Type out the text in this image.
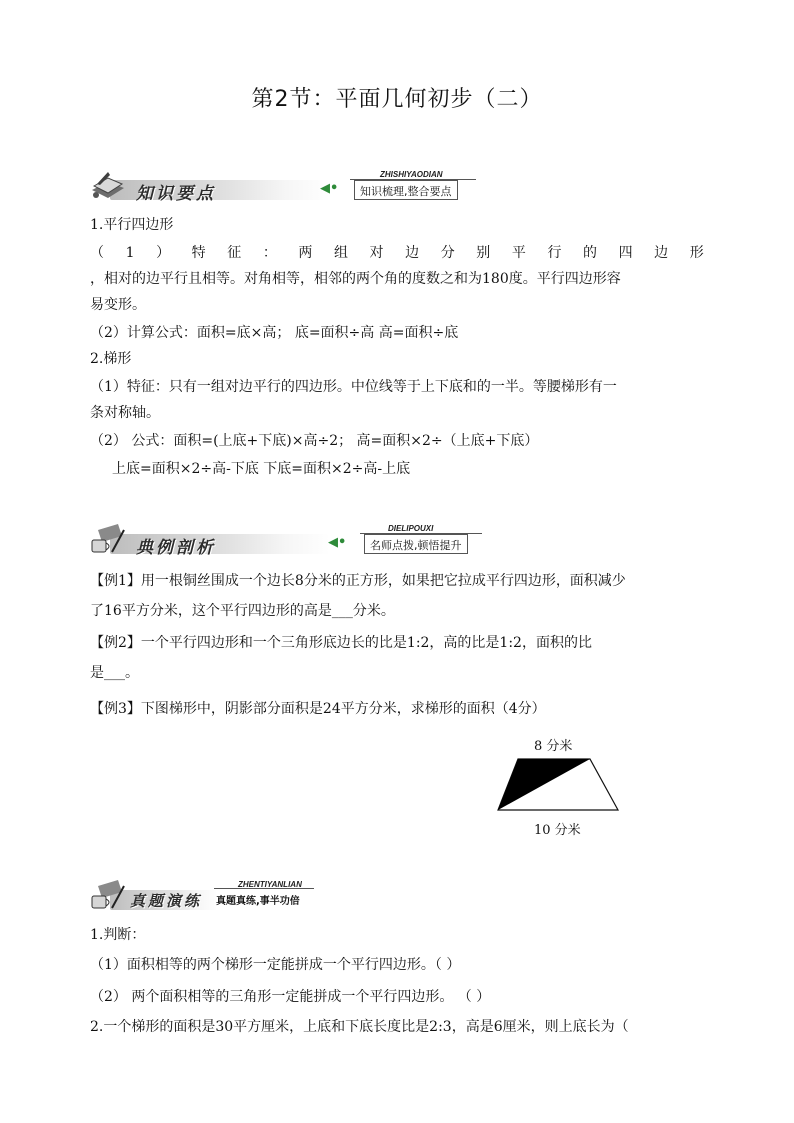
第2节：平面几何初步（二）
知识要点	◀•
ZHISHIYAODIAN
知识梳理,整合要点
1.平行四边形
（ 1 ） 特 征 ： 两 组 对 边 分 别 平 行 的 四 边 形
，相对的边平行且相等。对角相等，相邻的两个角的度数之和为180度。平行四边形容
易变形。
（2）计算公式：面积=底×高； 底=面积÷高 高=面积÷底
2.梯形
（1）特征：只有一组对边平行的四边形。中位线等于上下底和的一半。等腰梯形有一
条对称轴。
（2） 公式：面积=(上底+下底)×高÷2； 高=面积×2÷（上底+下底）
上底=面积×2÷高-下底 下底=面积×2÷高-上底
典例剖析	◀•
DIELIPOUXI
名师点拨,顿悟提升
【例1】用一根铜丝围成一个边长8分米的正方形，如果把它拉成平行四边形，面积减少
了16平方分米，这个平行四边形的高是___分米。
【例2】一个平行四边形和一个三角形底边长的比是1:2，高的比是1:2，面积的比
是___。
【例3】下图梯形中，阴影部分面积是24平方分米，求梯形的面积（4分）
8 分米
10 分米
真题演练
ZHENTIYANLIAN
真题真练,事半功倍
1.判断：
（1）面积相等的两个梯形一定能拼成一个平行四边形。（ ）
（2） 两个面积相等的三角形一定能拼成一个平行四边形。 （ ）
2.一个梯形的面积是30平方厘米，上底和下底长度比是2:3，高是6厘米，则上底长为（
